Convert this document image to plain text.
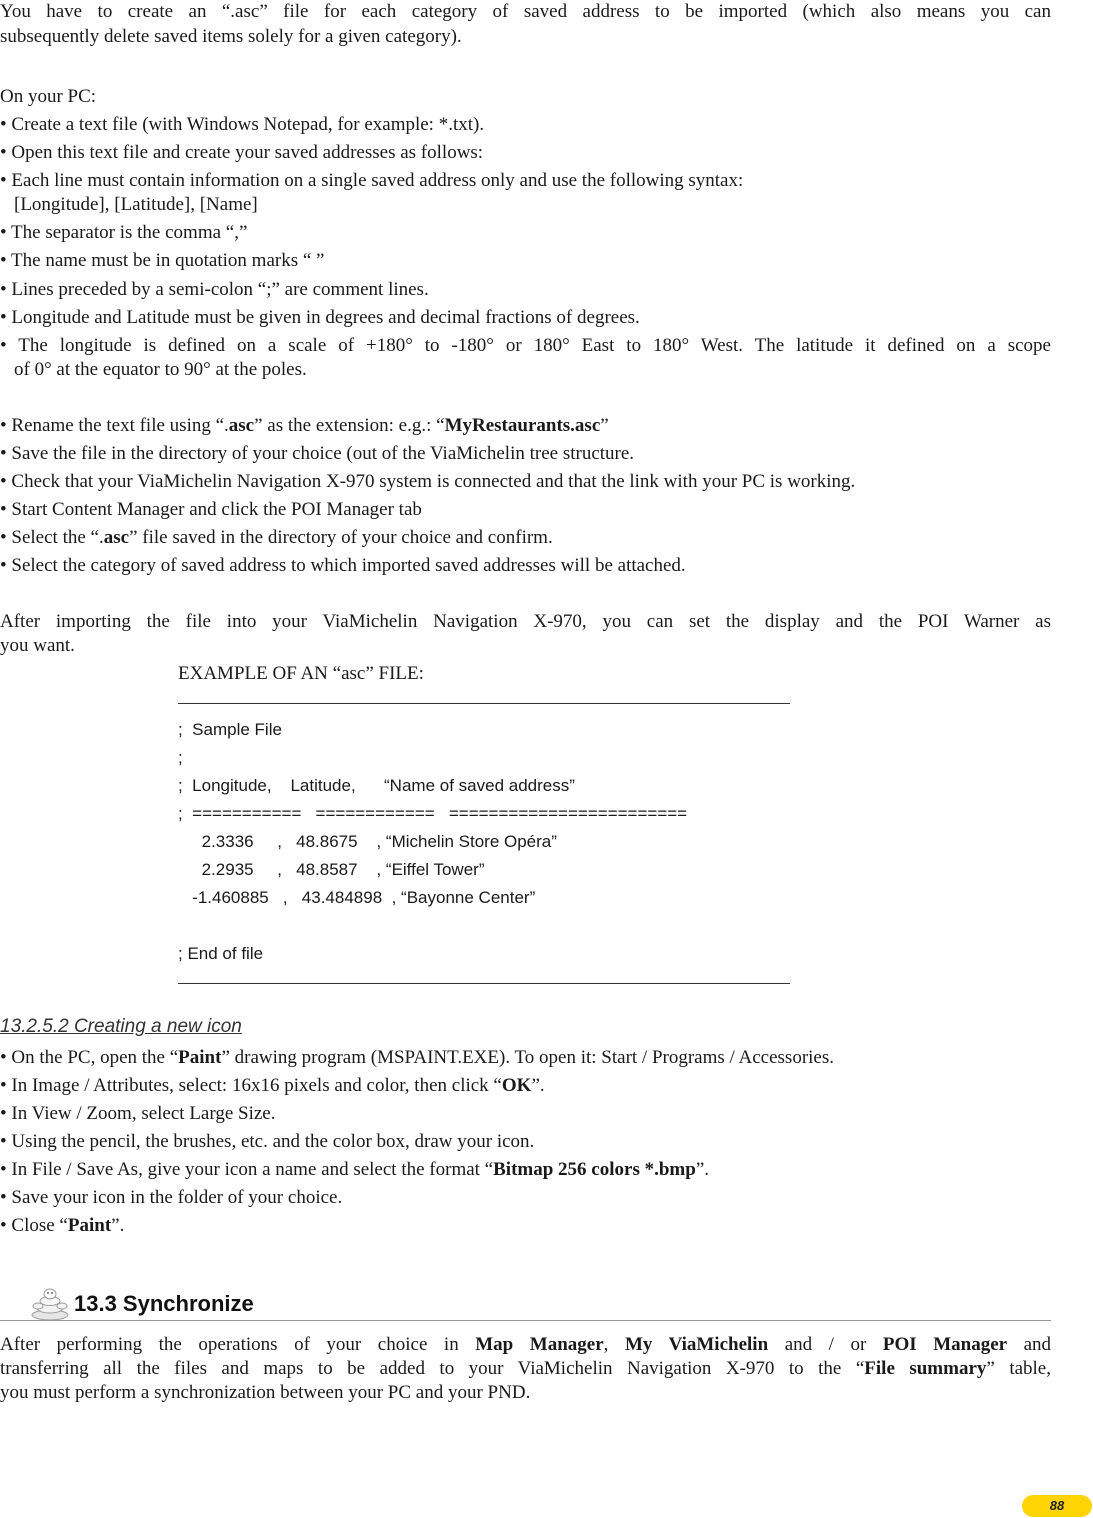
You have to create an “.asc” file for each category of saved address to be imported (which also means you can
subsequently delete saved items solely for a given category).
On your PC:
• Create a text file (with Windows Notepad, for example: *.txt).
• Open this text file and create your saved addresses as follows:
• Each line must contain information on a single saved address only and use the following syntax:
[Longitude], [Latitude], [Name]
• The separator is the comma “,”
• The name must be in quotation marks “ ”
• Lines preceded by a semi-colon “;” are comment lines.
• Longitude and Latitude must be given in degrees and decimal fractions of degrees.
• The longitude is defined on a scale of +180° to -180° or 180° East to 180° West. The latitude it defined on a scope
of 0° at the equator to 90° at the poles.
• Rename the text file using “.asc” as the extension: e.g.: “MyRestaurants.asc”
• Save the file in the directory of your choice (out of the ViaMichelin tree structure.
• Check that your ViaMichelin Navigation X-970 system is connected and that the link with your PC is working.
• Start Content Manager and click the POI Manager tab
• Select the “.asc” file saved in the directory of your choice and confirm.
• Select the category of saved address to which imported saved addresses will be attached.
After importing the file into your ViaMichelin Navigation X-970, you can set the display and the POI Warner as
you want.
EXAMPLE OF AN “asc” FILE:
;  Sample File
;
;  Longitude,    Latitude,      “Name of saved address”
;  ===========   ============   ========================
2.3336     ,   48.8675    , “Michelin Store Opéra”
2.2935     ,   48.8587    , “Eiffel Tower”
-1.460885   ,   43.484898  , “Bayonne Center”
; End of file
13.2.5.2 Creating a new icon
• On the PC, open the “Paint” drawing program (MSPAINT.EXE). To open it: Start / Programs / Accessories.
• In Image / Attributes, select: 16x16 pixels and color, then click “OK”.
• In View / Zoom, select Large Size.
• Using the pencil, the brushes, etc. and the color box, draw your icon.
• In File / Save As, give your icon a name and select the format “Bitmap 256 colors *.bmp”.
• Save your icon in the folder of your choice.
• Close “Paint”.
13.3 Synchronize
After performing the operations of your choice in Map Manager, My ViaMichelin and / or POI Manager and
transferring all the files and maps to be added to your ViaMichelin Navigation X-970 to the “File summary” table,
you must perform a synchronization between your PC and your PND.
88
